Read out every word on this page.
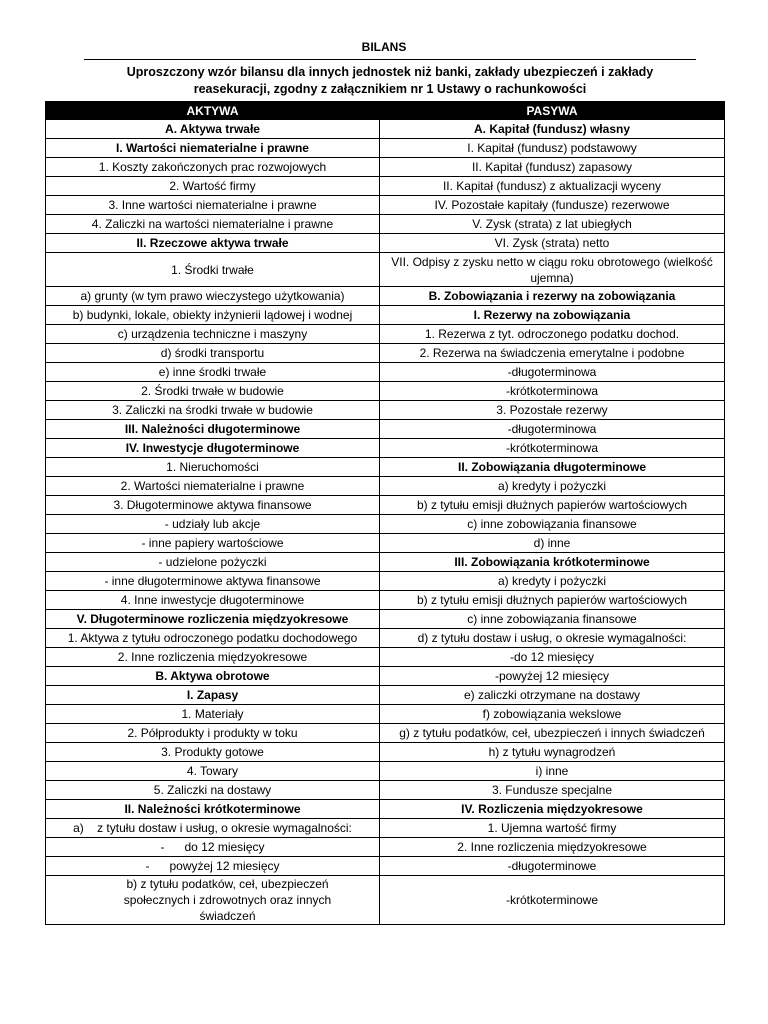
BILANS
Uproszczony wzór bilansu dla innych jednostek niż banki, zakłady ubezpieczeń i zakłady
reasekuracji, zgodny z załącznikiem nr 1 Ustawy o rachunkowości
AKTYWA	PASYWA
A. Aktywa trwałe	A. Kapitał (fundusz) własny
I. Wartości niematerialne i prawne	I. Kapitał (fundusz) podstawowy
1. Koszty zakończonych prac rozwojowych	II. Kapitał (fundusz) zapasowy
2. Wartość firmy	II. Kapitał (fundusz) z aktualizacji wyceny
3. Inne wartości niematerialne i prawne	IV. Pozostałe kapitały (fundusze) rezerwowe
4. Zaliczki na wartości niematerialne i prawne	V. Zysk (strata) z lat ubiegłych
II. Rzeczowe aktywa trwałe	VI. Zysk (strata) netto
1. Środki trwałe	VII. Odpisy z zysku netto w ciągu roku obrotowego (wielkość ujemna)
a) grunty (w tym prawo wieczystego użytkowania)	B. Zobowiązania i rezerwy na zobowiązania
b) budynki, lokale, obiekty inżynierii lądowej i wodnej	I. Rezerwy na zobowiązania
c) urządzenia techniczne i maszyny	1. Rezerwa z tyt. odroczonego podatku dochod.
d) środki transportu	2. Rezerwa na świadczenia emerytalne i podobne
e) inne środki trwałe	-długoterminowa
2. Środki trwałe w budowie	-krótkoterminowa
3. Zaliczki na środki trwałe w budowie	3. Pozostałe rezerwy
III. Należności długoterminowe	-długoterminowa
IV. Inwestycje długoterminowe	-krótkoterminowa
1. Nieruchomości	II. Zobowiązania długoterminowe
2. Wartości niematerialne i prawne	a) kredyty i pożyczki
3. Długoterminowe aktywa finansowe	b) z tytułu emisji dłużnych papierów wartościowych
- udziały lub akcje	c) inne zobowiązania finansowe
- inne papiery wartościowe	d) inne
- udzielone pożyczki	III. Zobowiązania krótkoterminowe
- inne długoterminowe aktywa finansowe	a) kredyty i pożyczki
4. Inne inwestycje długoterminowe	b) z tytułu emisji dłużnych papierów wartościowych
V. Długoterminowe rozliczenia międzyokresowe	c) inne zobowiązania finansowe
1. Aktywa z tytułu odroczonego podatku dochodowego	d) z tytułu dostaw i usług, o okresie wymagalności:
2. Inne rozliczenia międzyokresowe	-do 12 miesięcy
B. Aktywa obrotowe	-powyżej 12 miesięcy
I. Zapasy	e) zaliczki otrzymane na dostawy
1. Materiały	f) zobowiązania wekslowe
2. Półprodukty i produkty w toku	g) z tytułu podatków, ceł, ubezpieczeń i innych świadczeń
3. Produkty gotowe	h) z tytułu wynagrodzeń
4. Towary	i) inne
5. Zaliczki na dostawy	3. Fundusze specjalne
II. Należności krótkoterminowe	IV. Rozliczenia międzyokresowe
a)    z tytułu dostaw i usług, o okresie wymagalności:	1. Ujemna wartość firmy
-      do 12 miesięcy	2. Inne rozliczenia międzyokresowe
-      powyżej 12 miesięcy	-długoterminowe
b) z tytułu podatków, ceł, ubezpieczeń społecznych i zdrowotnych oraz innych świadczeń	-krótkoterminowe
